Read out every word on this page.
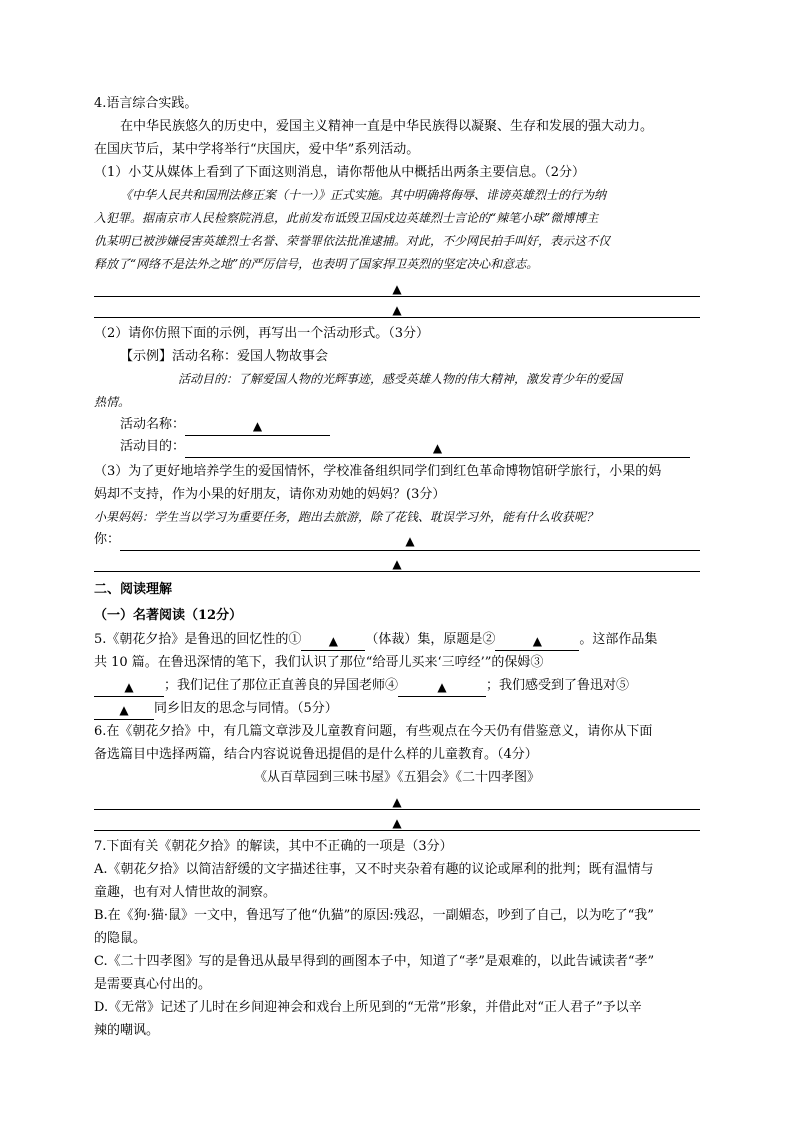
4.语言综合实践。
在中华民族悠久的历史中，爱国主义精神一直是中华民族得以凝聚、生存和发展的强大动力。
在国庆节后，某中学将举行“庆国庆，爱中华”系列活动。
（1）小艾从媒体上看到了下面这则消息，请你帮他从中概括出两条主要信息。（2分）
《中华人民共和国刑法修正案（十一）》正式实施。其中明确将侮辱、诽谤英雄烈士的行为纳
入犯罪。据南京市人民检察院消息，此前发布诋毁卫国戍边英雄烈士言论的“辣笔小球”微博博主
仇某明已被涉嫌侵害英雄烈士名誉、荣誉罪依法批准逮捕。对此，不少网民拍手叫好，表示这不仅
释放了“网络不是法外之地”的严厉信号，也表明了国家捍卫英烈的坚定决心和意志。
▲
▲
（2）请你仿照下面的示例，再写出一个活动形式。（3分）
【示例】活动名称：爱国人物故事会
活动目的：了解爱国人物的光辉事迹，感受英雄人物的伟大精神，激发青少年的爱国
热情。
活动名称：	▲
活动目的：	▲
（3）为了更好地培养学生的爱国情怀，学校准备组织同学们到红色革命博物馆研学旅行，小果的妈
妈却不支持，作为小果的好朋友，请你劝劝她的妈妈？(3分）
小果妈妈：学生当以学习为重要任务，跑出去旅游，除了花钱、耽误学习外，能有什么收获呢？
你：	▲
▲
二、阅读理解
（一）名著阅读（12分）
5.《朝花夕拾》是鲁迅的回忆性的① ▲ （体裁）集，原题是②	▲	。这部作品集
共 10 篇。在鲁迅深情的笔下，我们认识了那位“给哥儿买来‘三哼经’”的保姆③
▲ ；我们记住了那位正直善良的异国老师④	▲	；我们感受到了鲁迅对⑤
▲ 同乡旧友的思念与同情。（5分）
6.在《朝花夕拾》中，有几篇文章涉及儿童教育问题，有些观点在今天仍有借鉴意义，请你从下面
备选篇目中选择两篇，结合内容说说鲁迅提倡的是什么样的儿童教育。（4分）
《从百草园到三味书屋》《五猖会》《二十四孝图》
▲
▲
7.下面有关《朝花夕拾》的解读，其中不正确的一项是（3分）
A.《朝花夕拾》以简洁舒缓的文字描述往事，又不时夹杂着有趣的议论或犀利的批判；既有温情与
童趣，也有对人情世故的洞察。
B.在《狗·猫·鼠》一文中，鲁迅写了他“仇猫”的原因:残忍，一副媚态，吵到了自己，以为吃了“我”
的隐鼠。
C.《二十四孝图》写的是鲁迅从最早得到的画图本子中，知道了“孝”是艰难的，以此告诫读者“孝”
是需要真心付出的。
D.《无常》记述了儿时在乡间迎神会和戏台上所见到的“无常”形象，并借此对“正人君子”予以辛
辣的嘲讽。
